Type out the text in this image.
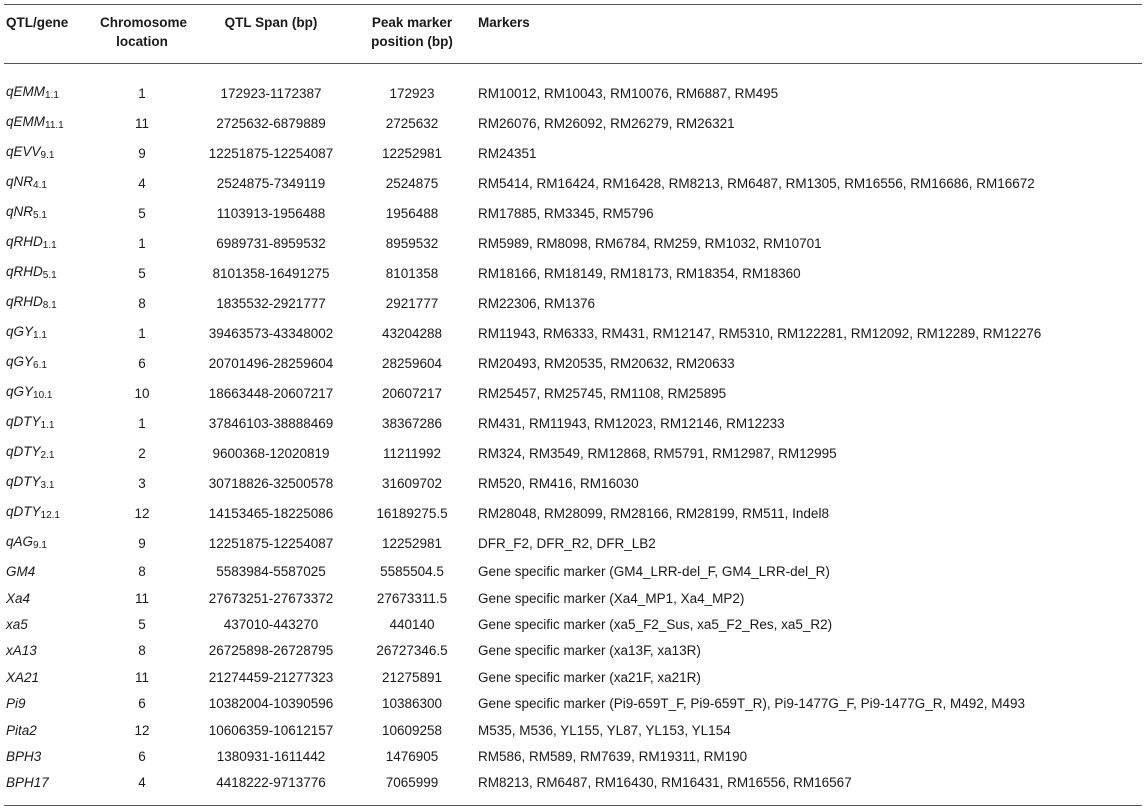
QTL/gene	Chromosome location	QTL Span (bp)	Peak marker position (bp)	Markers
qEMM1.1	1	172923-1172387	172923	RM10012, RM10043, RM10076, RM6887, RM495
qEMM11.1	11	2725632-6879889	2725632	RM26076, RM26092, RM26279, RM26321
qEVV9.1	9	12251875-12254087	12252981	RM24351
qNR4.1	4	2524875-7349119	2524875	RM5414, RM16424, RM16428, RM8213, RM6487, RM1305, RM16556, RM16686, RM16672
qNR5.1	5	1103913-1956488	1956488	RM17885, RM3345, RM5796
qRHD1.1	1	6989731-8959532	8959532	RM5989, RM8098, RM6784, RM259, RM1032, RM10701
qRHD5.1	5	8101358-16491275	8101358	RM18166, RM18149, RM18173, RM18354, RM18360
qRHD8.1	8	1835532-2921777	2921777	RM22306, RM1376
qGY1.1	1	39463573-43348002	43204288	RM11943, RM6333, RM431, RM12147, RM5310, RM122281, RM12092, RM12289, RM12276
qGY6.1	6	20701496-28259604	28259604	RM20493, RM20535, RM20632, RM20633
qGY10.1	10	18663448-20607217	20607217	RM25457, RM25745, RM1108, RM25895
qDTY1.1	1	37846103-38888469	38367286	RM431, RM11943, RM12023, RM12146, RM12233
qDTY2.1	2	9600368-12020819	11211992	RM324, RM3549, RM12868, RM5791, RM12987, RM12995
qDTY3.1	3	30718826-32500578	31609702	RM520, RM416, RM16030
qDTY12.1	12	14153465-18225086	16189275.5	RM28048, RM28099, RM28166, RM28199, RM511, Indel8
qAG9.1	9	12251875-12254087	12252981	DFR_F2, DFR_R2, DFR_LB2
GM4	8	5583984-5587025	5585504.5	Gene specific marker (GM4_LRR-del_F, GM4_LRR-del_R)
Xa4	11	27673251-27673372	27673311.5	Gene specific marker (Xa4_MP1, Xa4_MP2)
xa5	5	437010-443270	440140	Gene specific marker (xa5_F2_Sus, xa5_F2_Res, xa5_R2)
xA13	8	26725898-26728795	26727346.5	Gene specific marker (xa13F, xa13R)
XA21	11	21274459-21277323	21275891	Gene specific marker (xa21F, xa21R)
Pi9	6	10382004-10390596	10386300	Gene specific marker (Pi9-659T_F, Pi9-659T_R), Pi9-1477G_F, Pi9-1477G_R, M492, M493
Pita2	12	10606359-10612157	10609258	M535, M536, YL155, YL87, YL153, YL154
BPH3	6	1380931-1611442	1476905	RM586, RM589, RM7639, RM19311, RM190
BPH17	4	4418222-9713776	7065999	RM8213, RM6487, RM16430, RM16431, RM16556, RM16567
